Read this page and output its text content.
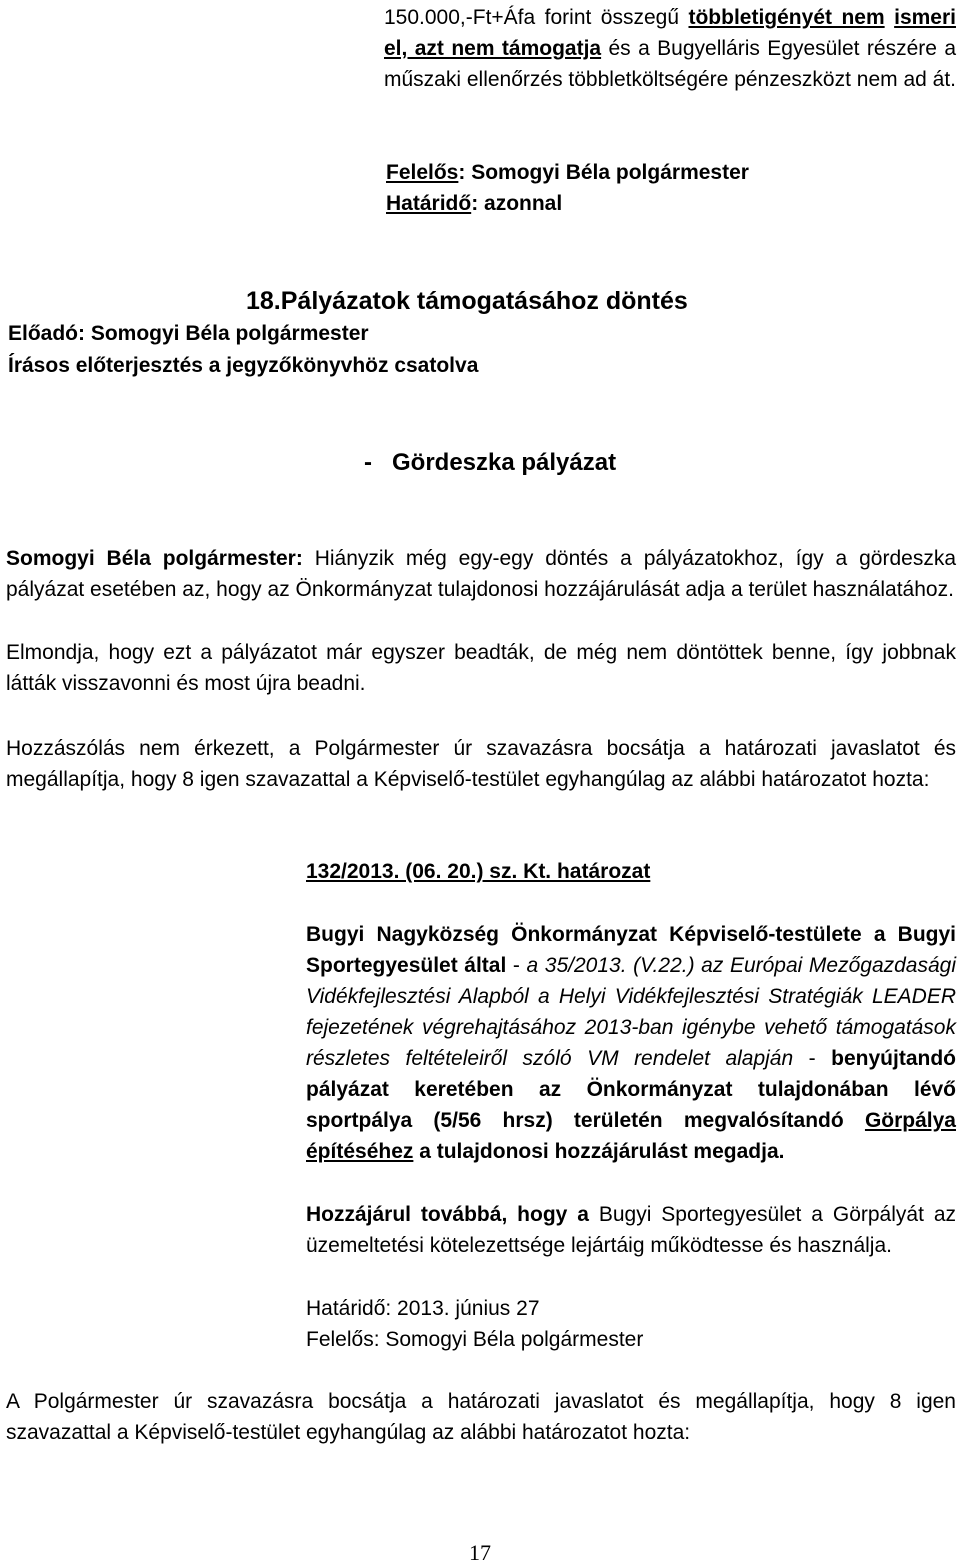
150.000,-Ft+Áfa forint összegű többletigényét nem ismeri el, azt nem támogatja és a Bugyelláris Egyesület részére a műszaki ellenőrzés többletköltségére pénzeszközt nem ad át.
Felelős: Somogyi Béla polgármester
Határidő: azonnal
18.Pályázatok támogatásához döntés
Előadó: Somogyi Béla polgármester
Írásos előterjesztés a jegyzőkönyvhöz csatolva
-   Gördeszka pályázat
Somogyi Béla polgármester: Hiányzik még egy-egy döntés a pályázatokhoz, így a gördeszka pályázat esetében az, hogy az Önkormányzat tulajdonosi hozzájárulását adja a terület használatához.
Elmondja, hogy ezt a pályázatot már egyszer beadták, de még nem döntöttek benne, így jobbnak látták visszavonni és most újra beadni.
Hozzászólás nem érkezett, a Polgármester úr szavazásra bocsátja a határozati javaslatot és megállapítja, hogy 8 igen szavazattal a Képviselő-testület egyhangúlag az alábbi határozatot hozta:
132/2013. (06. 20.) sz. Kt. határozat
Bugyi Nagyközség Önkormányzat Képviselő-testülete a Bugyi Sportegyesület által - a 35/2013. (V.22.) az Európai Mezőgazdasági Vidékfejlesztési Alapból a Helyi Vidékfejlesztési Stratégiák LEADER fejezetének végrehajtásához 2013-ban igénybe vehető támogatások részletes feltételeiről szóló VM rendelet alapján - benyújtandó pályázat keretében az Önkormányzat tulajdonában lévő sportpálya (5/56 hrsz) területén megvalósítandó Görpálya építéséhez a tulajdonosi hozzájárulást megadja.
Hozzájárul továbbá, hogy a Bugyi Sportegyesület a Görpályát az üzemeltetési kötelezettsége lejártáig működtesse és használja.
Határidő: 2013. június 27
Felelős: Somogyi Béla polgármester
A Polgármester úr szavazásra bocsátja a határozati javaslatot és megállapítja, hogy 8 igen szavazattal a Képviselő-testület egyhangúlag az alábbi határozatot hozta:
17
